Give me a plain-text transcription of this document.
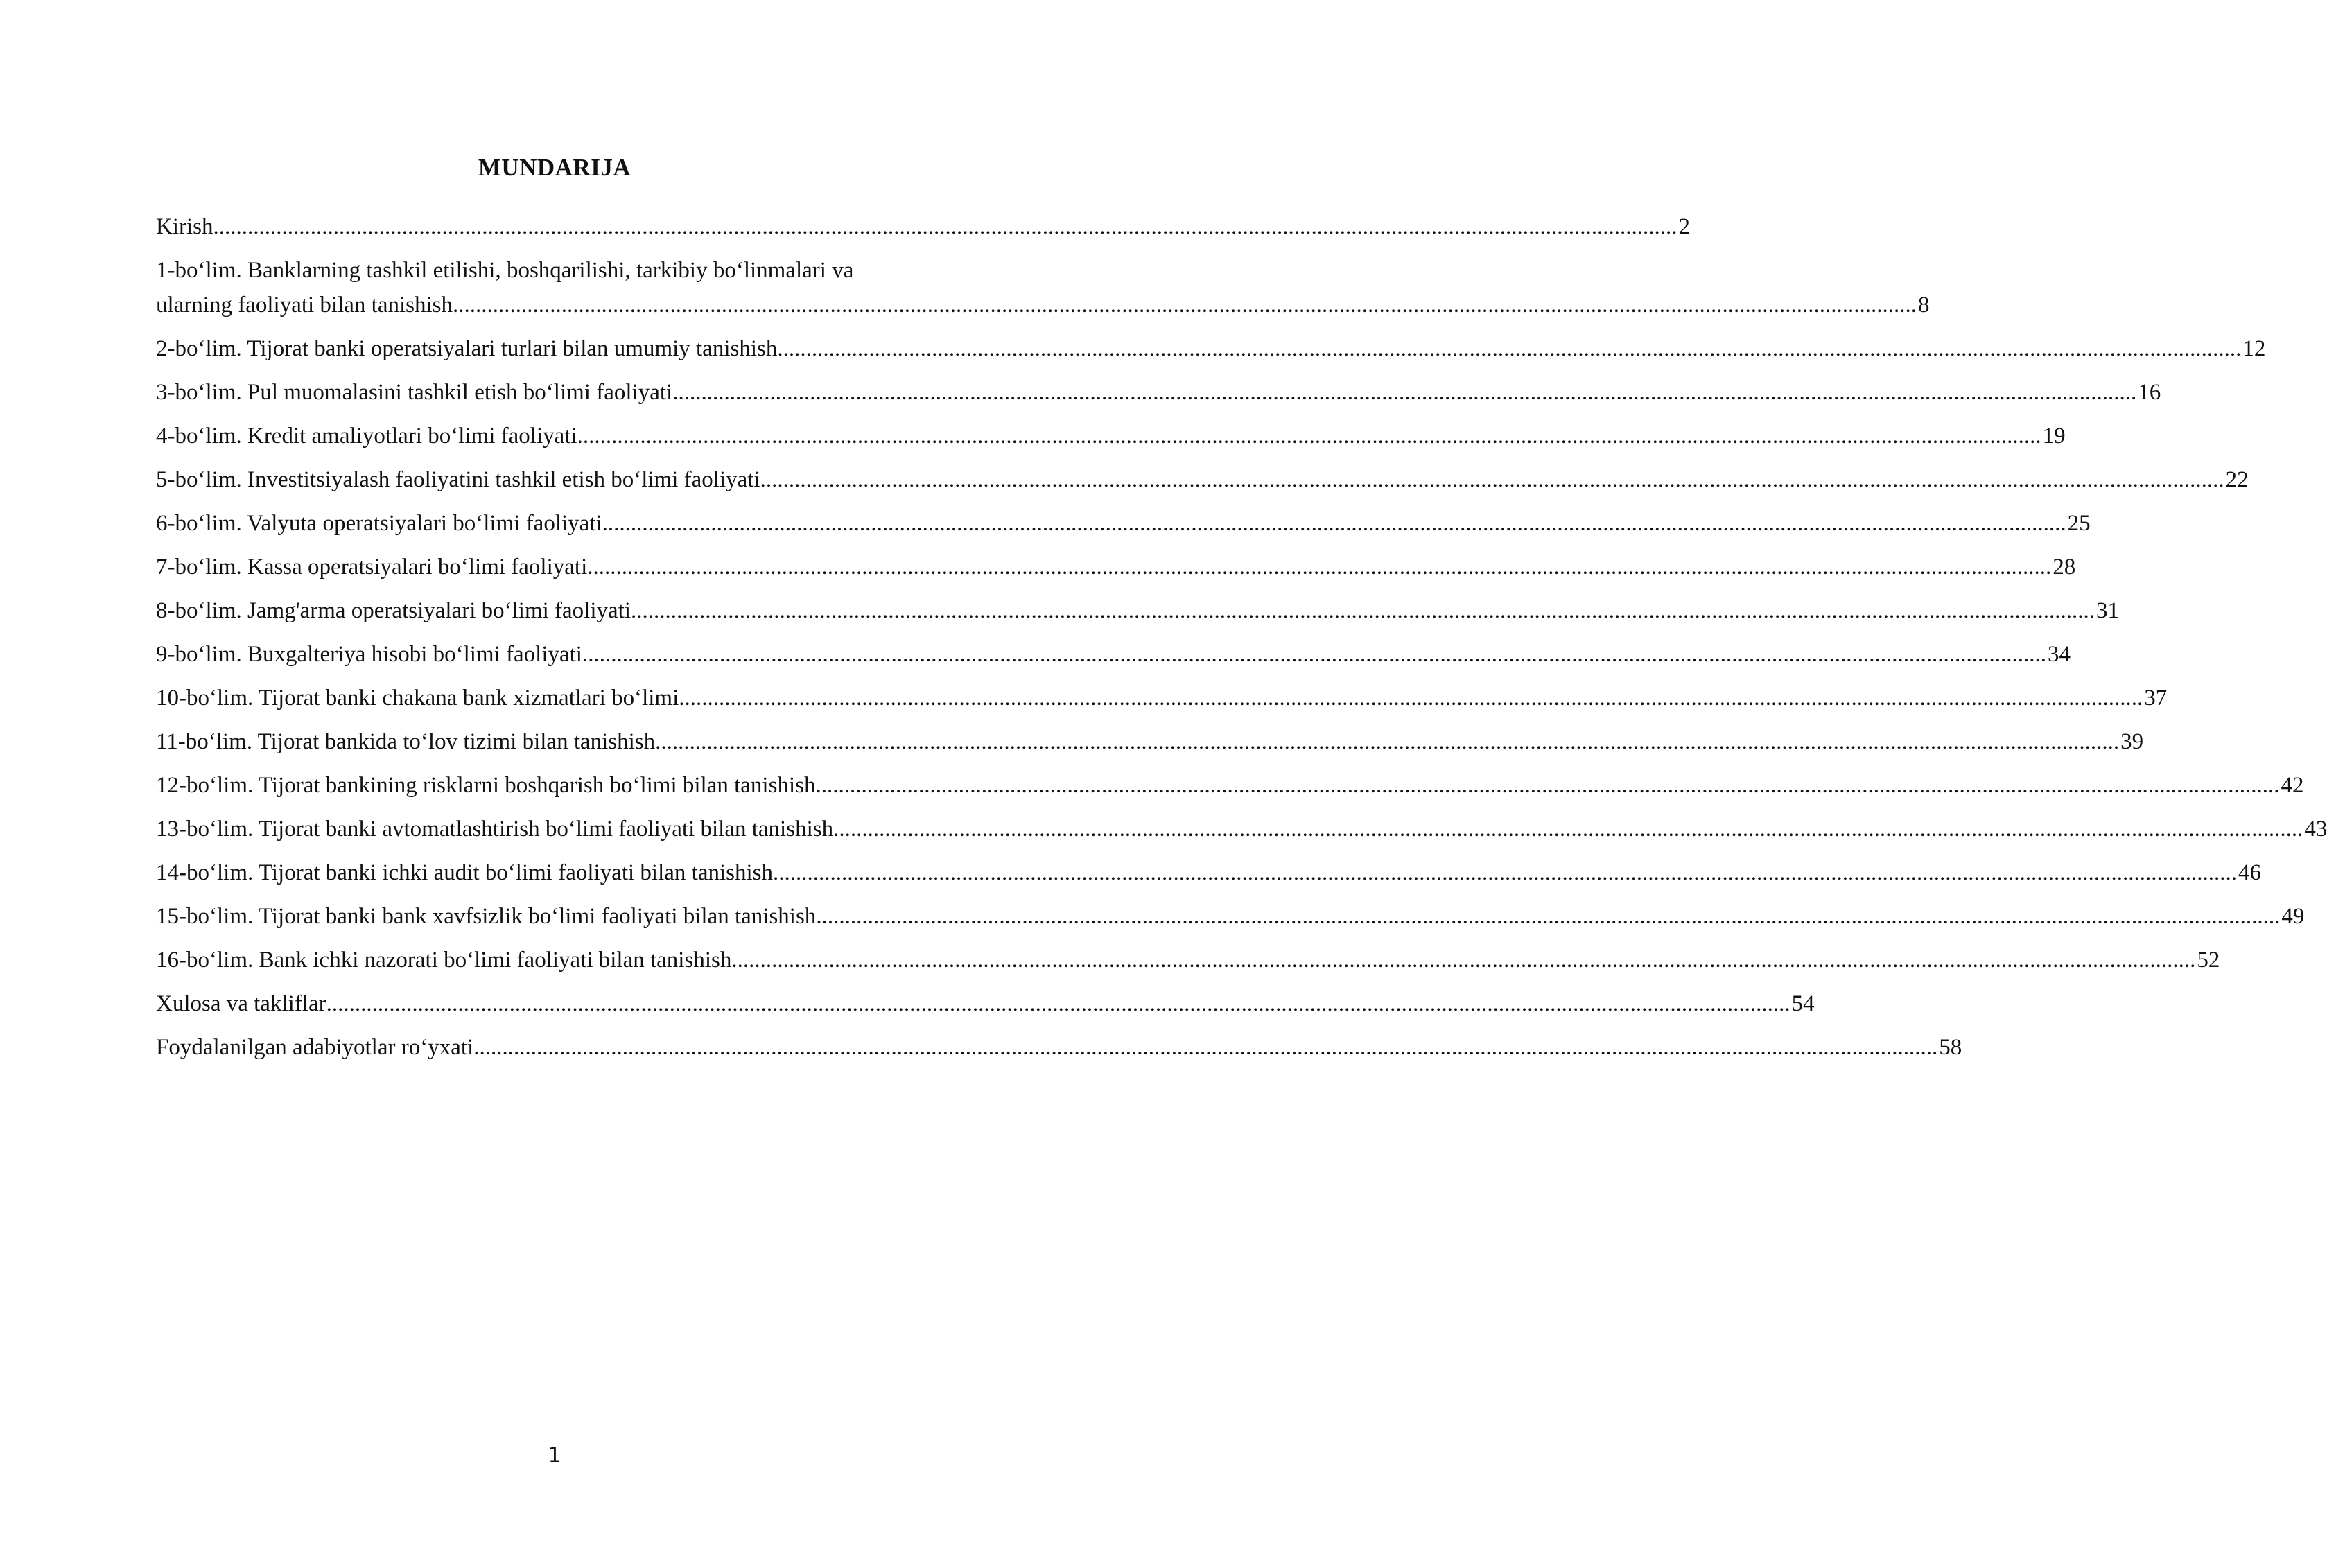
MUNDARIJA
Kirish .....	2
1-bo‘lim. Banklarning tashkil etilishi, boshqarilishi, tarkibiy bo‘linmalari va
ularning faoliyati bilan tanishish .....	8
2-bo‘lim. Tijorat banki operatsiyalari turlari bilan umumiy tanishish .....	12
3-bo‘lim. Pul muomalasini tashkil etish bo‘limi faoliyati .....	16
4-bo‘lim. Kredit amaliyotlari bo‘limi faoliyati .....	19
5-bo‘lim. Investitsiyalash faoliyatini tashkil etish bo‘limi faoliyati .....	22
6-bo‘lim. Valyuta operatsiyalari bo‘limi faoliyati .....	25
7-bo‘lim. Kassa operatsiyalari bo‘limi faoliyati .....	28
8-bo‘lim. Jamg'arma operatsiyalari bo‘limi faoliyati .....	31
9-bo‘lim. Buxgalteriya hisobi bo‘limi faoliyati .....	34
10-bo‘lim. Tijorat banki chakana bank xizmatlari bo‘limi .....	37
11-bo‘lim. Tijorat bankida to‘lov tizimi bilan tanishish .....	39
12-bo‘lim. Tijorat bankining risklarni boshqarish bo‘limi bilan tanishish .....	42
13-bo‘lim. Tijorat banki avtomatlashtirish bo‘limi faoliyati bilan tanishish. .....	43
14-bo‘lim. Tijorat banki ichki audit bo‘limi faoliyati bilan tanishish .....	46
15-bo‘lim. Tijorat banki bank xavfsizlik bo‘limi faoliyati bilan tanishish .....	49
16-bo‘lim. Bank ichki nazorati bo‘limi faoliyati bilan tanishish .....	52
Xulosa va takliflar .....	54
Foydalanilgan adabiyotlar ro‘yxati .....	58
1
